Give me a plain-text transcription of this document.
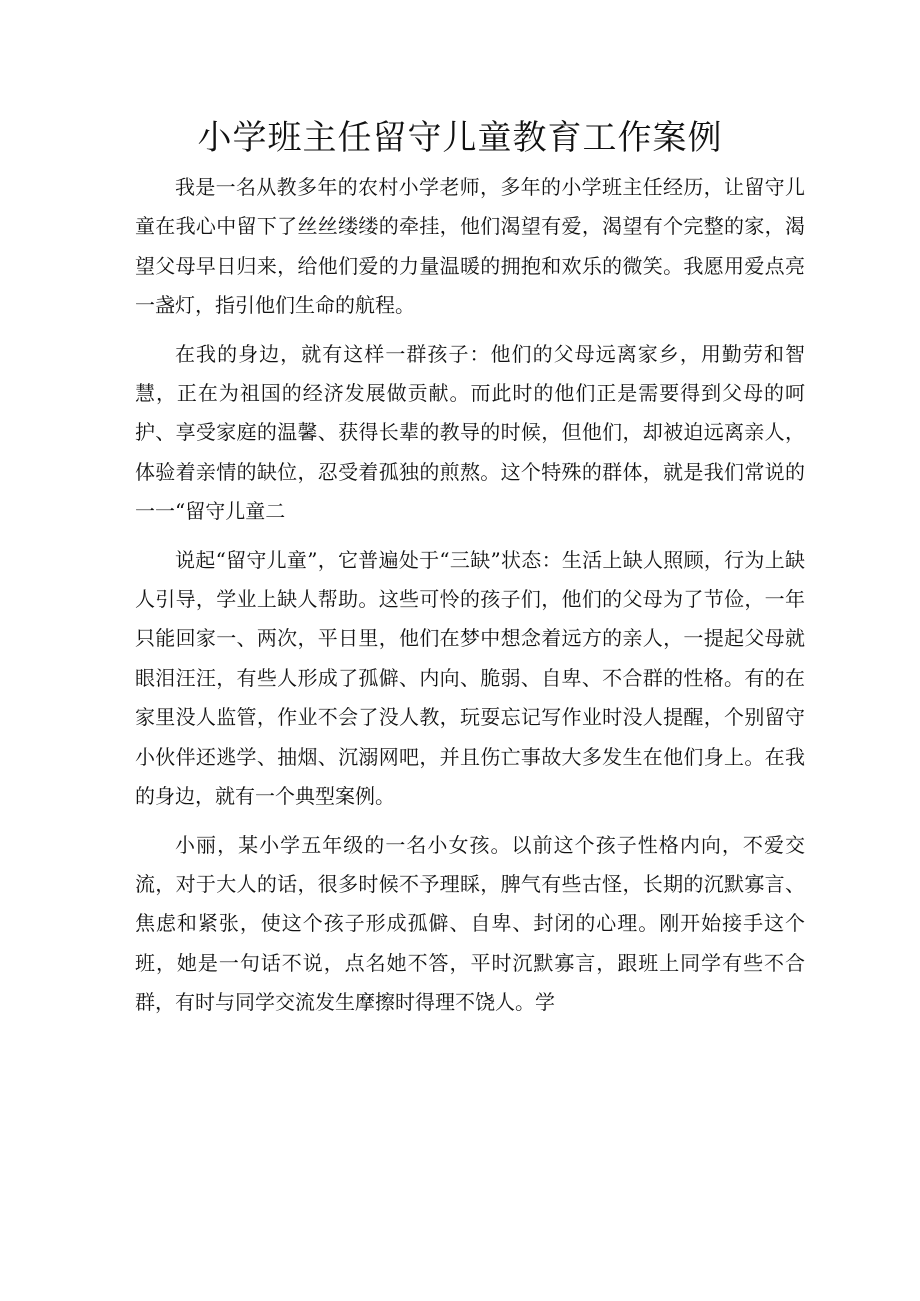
小学班主任留守儿童教育工作案例

我是一名从教多年的农村小学老师，多年的小学班主任经历，让留守儿童在我心中留下了丝丝缕缕的牵挂，他们渴望有爱，渴望有个完整的家，渴望父母早日归来，给他们爱的力量温暖的拥抱和欢乐的微笑。我愿用爱点亮一盏灯，指引他们生命的航程。

在我的身边，就有这样一群孩子：他们的父母远离家乡，用勤劳和智慧，正在为祖国的经济发展做贡献。而此时的他们正是需要得到父母的呵护、享受家庭的温馨、获得长辈的教导的时候，但他们，却被迫远离亲人，体验着亲情的缺位，忍受着孤独的煎熬。这个特殊的群体，就是我们常说的一一“留守儿童二

说起“留守儿童”，它普遍处于“三缺”状态：生活上缺人照顾，行为上缺人引导，学业上缺人帮助。这些可怜的孩子们，他们的父母为了节俭，一年只能回家一、两次，平日里，他们在梦中想念着远方的亲人，一提起父母就眼泪汪汪，有些人形成了孤僻、内向、脆弱、自卑、不合群的性格。有的在家里没人监管，作业不会了没人教，玩耍忘记写作业时没人提醒，个别留守小伙伴还逃学、抽烟、沉溺网吧，并且伤亡事故大多发生在他们身上。在我的身边，就有一个典型案例。

小丽，某小学五年级的一名小女孩。以前这个孩子性格内向，不爱交流，对于大人的话，很多时候不予理睬，脾气有些古怪，长期的沉默寡言、焦虑和紧张，使这个孩子形成孤僻、自卑、封闭的心理。刚开始接手这个班，她是一句话不说，点名她不答，平时沉默寡言，跟班上同学有些不合群，有时与同学交流发生摩擦时得理不饶人。学
